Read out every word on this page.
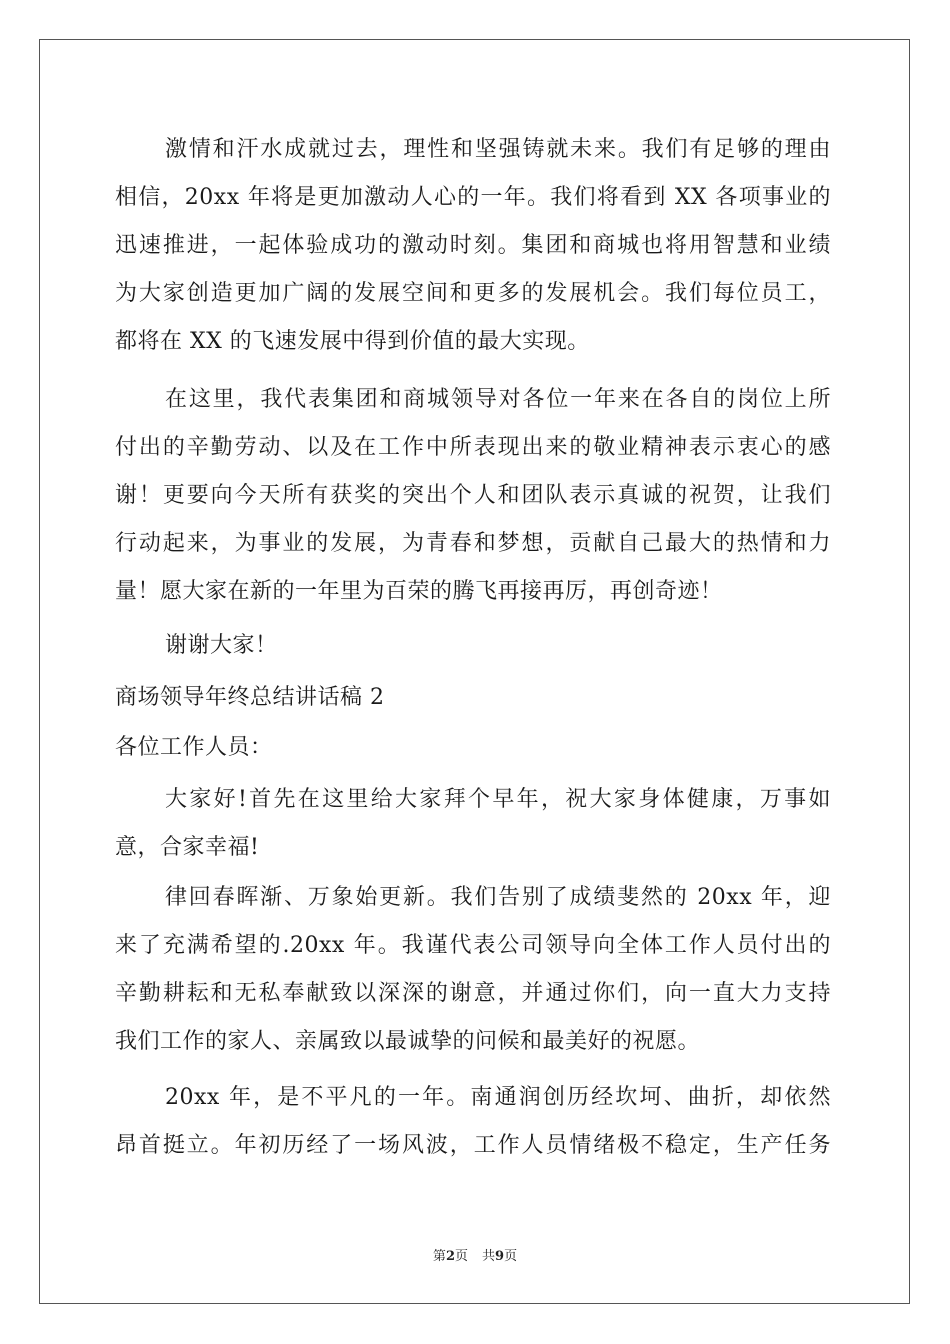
激情和汗水成就过去，理性和坚强铸就未来。我们有足够的理由
相信，20xx 年将是更加激动人心的一年。我们将看到 XX 各项事业的
迅速推进，一起体验成功的激动时刻。集团和商城也将用智慧和业绩
为大家创造更加广阔的发展空间和更多的发展机会。我们每位员工，
都将在 XX 的飞速发展中得到价值的最大实现。
在这里，我代表集团和商城领导对各位一年来在各自的岗位上所
付出的辛勤劳动、以及在工作中所表现出来的敬业精神表示衷心的感
谢！更要向今天所有获奖的突出个人和团队表示真诚的祝贺，让我们
行动起来，为事业的发展，为青春和梦想，贡献自己最大的热情和力
量！愿大家在新的一年里为百荣的腾飞再接再厉，再创奇迹！
谢谢大家！
商场领导年终总结讲话稿 2
各位工作人员：
大家好!首先在这里给大家拜个早年，祝大家身体健康，万事如
意，合家幸福!
律回春晖渐、万象始更新。我们告别了成绩斐然的 20xx 年，迎
来了充满希望的.20xx 年。我谨代表公司领导向全体工作人员付出的
辛勤耕耘和无私奉献致以深深的谢意，并通过你们，向一直大力支持
我们工作的家人、亲属致以最诚挚的问候和最美好的祝愿。
20xx 年，是不平凡的一年。南通润创历经坎坷、曲折，却依然
昂首挺立。年初历经了一场风波，工作人员情绪极不稳定，生产任务
第2页 共9页
